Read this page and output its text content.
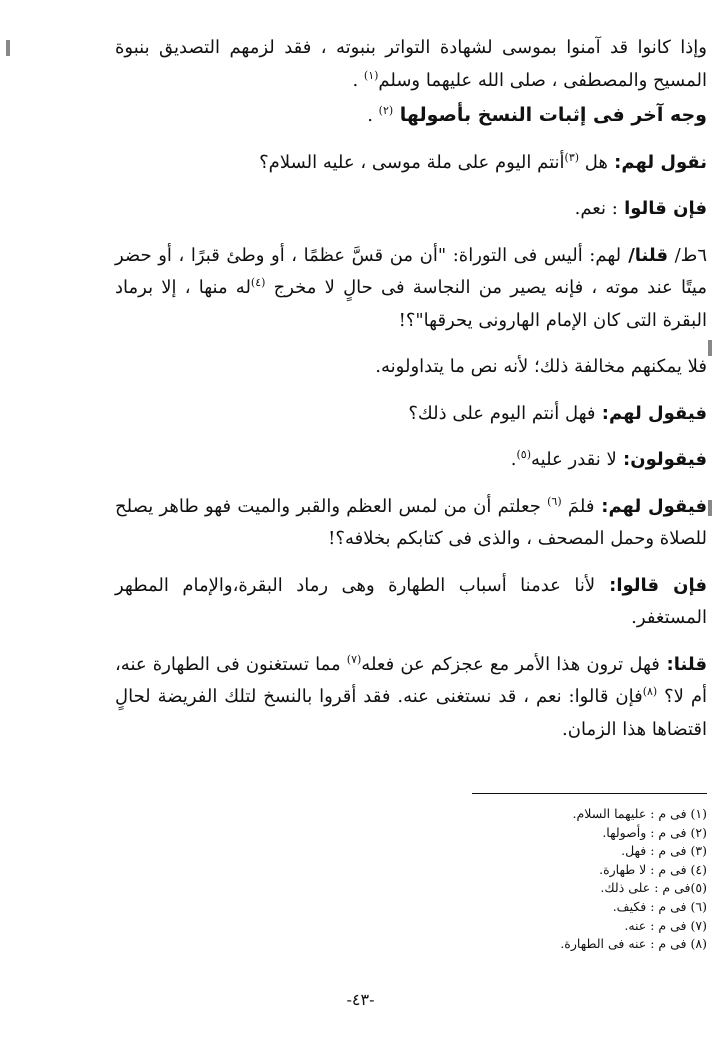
وإذا كانوا قد آمنوا بموسى لشهادة التواتر بنبوته ، فقد لزمهم التصديق بنبوة المسيح والمصطفى ، صلى الله عليهما وسلم$^{(١)}$ .

وجه آخر فى إثبات النسخ بأصولها $^{(٢)}$ .

نقول لهم: هل $^{(٣)}$أنتم اليوم على ملة موسى ، عليه السلام؟

فإن قالوا : نعم.

٦ط/ قلنا/ لهم: أليس فى التوراة: "أن من قسَّ عظمًا ، أو وطئ قبرًا ، أو حضر ميتًا عند موته ، فإنه يصير من النجاسة فى حالٍ لا مخرج $^{(٤)}$له منها ، إلا برماد البقرة التى كان الإمام الهارونى يحرقها"؟!

فلا يمكنهم مخالفة ذلك؛ لأنه نص ما يتداولونه.

فيقول لهم: فهل أنتم اليوم على ذلك؟

فيقولون: لا نقدر عليه$^{(٥)}$.

فيقول لهم: فلمَ $^{(٦)}$ جعلتم أن من لمس العظم والقبر والميت فهو طاهر يصلح للصلاة وحمل المصحف ، والذى فى كتابكم بخلافه؟!

فإن قالوا: لأنا عدمنا أسباب الطهارة وهى رماد البقرة،والإمام المطهر المستغفر.

قلنا: فهل ترون هذا الأمر مع عجزكم عن فعله$^{(٧)}$ مما تستغنون فى الطهارة عنه، أم لا؟ $^{(٨)}$فإن قالوا: نعم ، قد نستغنى عنه. فقد أقروا بالنسخ لتلك الفريضة لحالٍ اقتضاها هذا الزمان.

(١) فى م : عليهما السلام.
(٢) فى م : وأصولها.
(٣) فى م : فهل.
(٤) فى م : لا طهارة.
(٥)فى م : على ذلك.
(٦) فى م : فكيف.
(٧) فى م : عنه.
(٨) فى م : عنه فى الطهارة.
-٤٣-
